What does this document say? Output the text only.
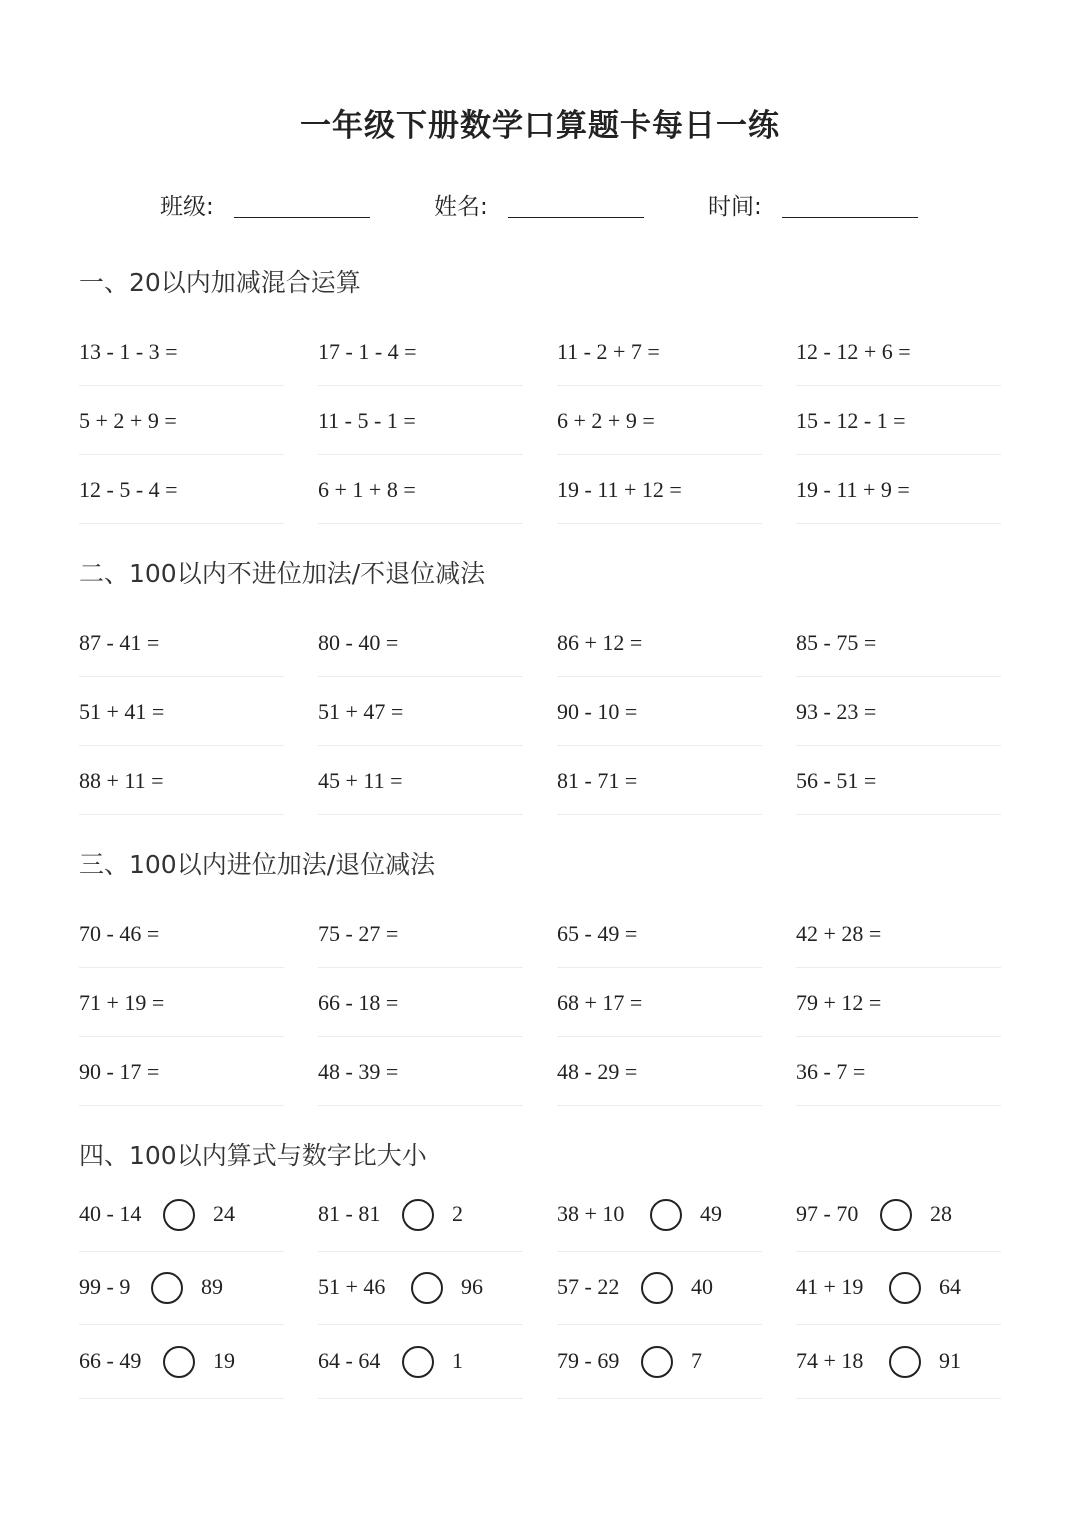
一年级下册数学口算题卡每日一练
班级:	姓名:	时间:
一、20以内加减混合运算
13 - 1 - 3 =	17 - 1 - 4 =	11 - 2 + 7 =	12 - 12 + 6 =
5 + 2 + 9 =	11 - 5 - 1 =	6 + 2 + 9 =	15 - 12 - 1 =
12 - 5 - 4 =	6 + 1 + 8 =	19 - 11 + 12 =	19 - 11 + 9 =
二、100以内不进位加法/不退位减法
87 - 41 =	80 - 40 =	86 + 12 =	85 - 75 =
51 + 41 =	51 + 47 =	90 - 10 =	93 - 23 =
88 + 11 =	45 + 11 =	81 - 71 =	56 - 51 =
三、100以内进位加法/退位减法
70 - 46 =	75 - 27 =	65 - 49 =	42 + 28 =
71 + 19 =	66 - 18 =	68 + 17 =	79 + 12 =
90 - 17 =	48 - 39 =	48 - 29 =	36 - 7 =
四、100以内算式与数字比大小
40 - 14	24	81 - 81	2	38 + 10	49	97 - 70	28
99 - 9	89	51 + 46	96	57 - 22	40	41 + 19	64
66 - 49	19	64 - 64	1	79 - 69	7	74 + 18	91
